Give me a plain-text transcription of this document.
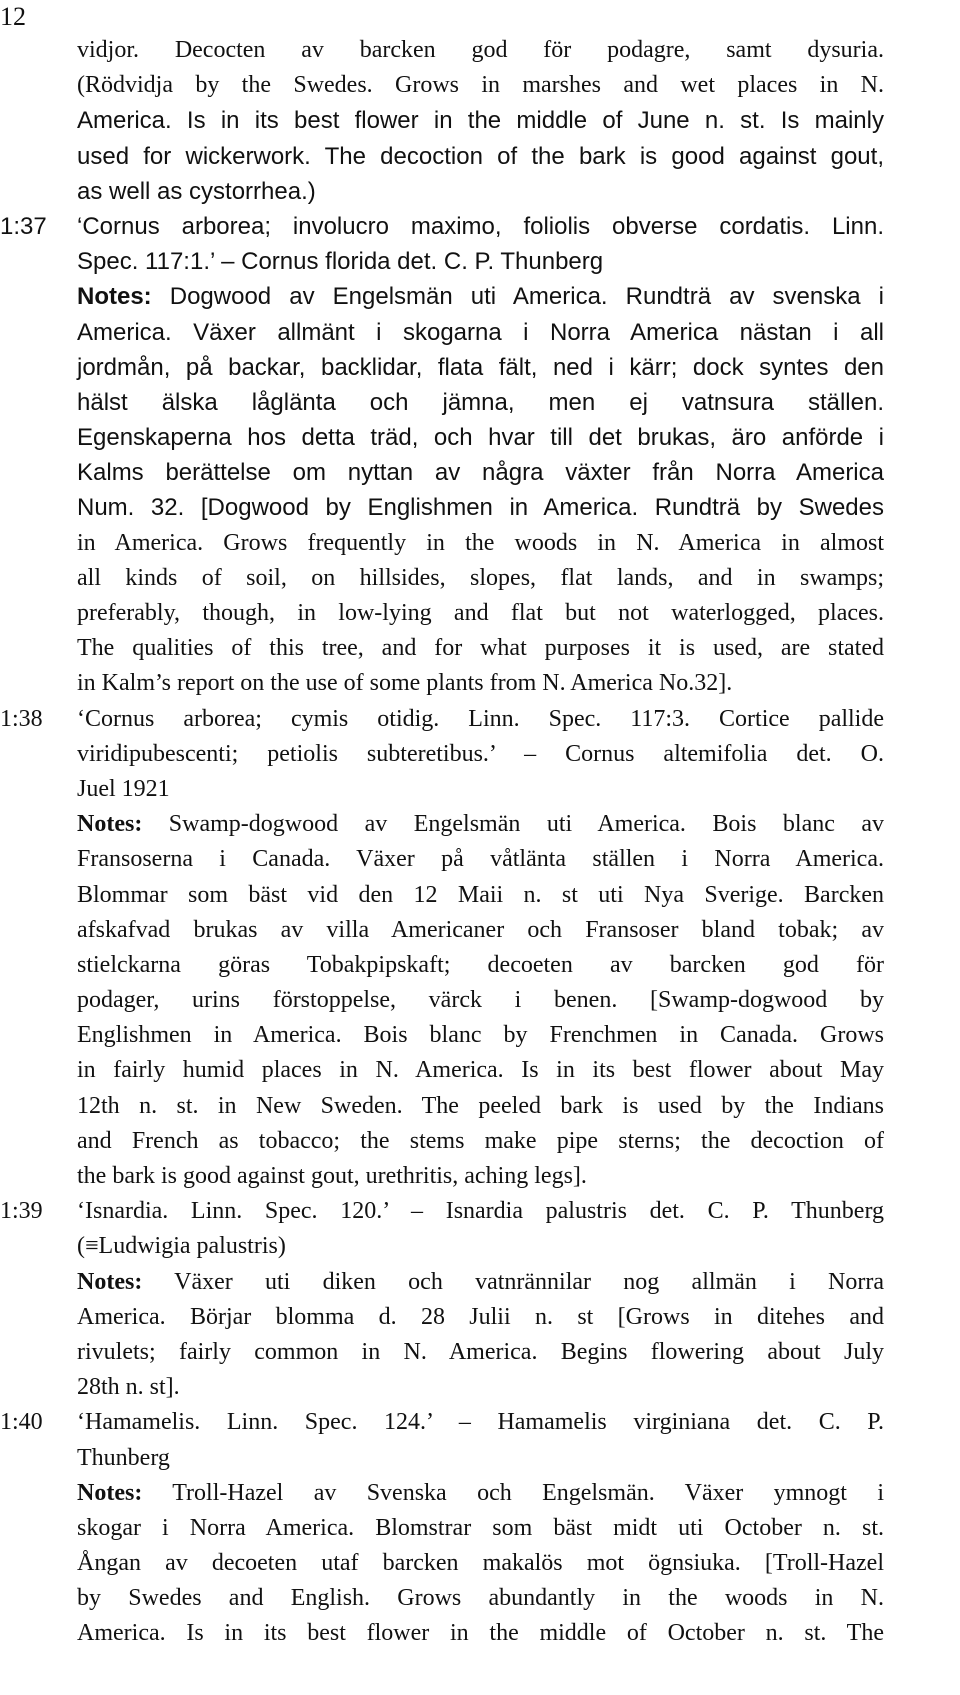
12
vidjor. Decocten av barcken god för podagre, samt dysuria.
(Rödvidja by the Swedes. Grows in marshes and wet places in N.
America. Is in its best flower in the middle of June n. st. Is mainly
used for wickerwork. The decoction of the bark is good against gout,
as well as cystorrhea.)
1:37 ‘Cornus arborea; involucro maximo, foliolis obverse cordatis. Linn.
Spec. 117:1.’ – Cornus florida det. C. P. Thunberg
Notes: Dogwood av Engelsmän uti America. Rundträ av svenska i
America. Växer allmänt i skogarna i Norra America nästan i all
jordmån, på backar, backlidar, flata fält, ned i kärr; dock syntes den
hälst älska låglänta och jämna, men ej vatnsura ställen.
Egenskaperna hos detta träd, och hvar till det brukas, äro anförde i
Kalms berättelse om nyttan av några växter från Norra America
Num. 32. [Dogwood by Englishmen in America. Rundträ by Swedes
in America. Grows frequently in the woods in N. America in almost
all kinds of soil, on hillsides, slopes, flat lands, and in swamps;
preferably, though, in low-lying and flat but not waterlogged, places.
The qualities of this tree, and for what purposes it is used, are stated
in Kalm’s report on the use of some plants from N. America No.32].
1:38 ‘Cornus arborea; cymis otidig. Linn. Spec. 117:3. Cortice pallide
viridipubescenti; petiolis subteretibus.’ – Cornus altemifolia det. O.
Juel 1921
Notes: Swamp-dogwood av Engelsmän uti America. Bois blanc av
Fransoserna i Canada. Växer på våtlänta ställen i Norra America.
Blommar som bäst vid den 12 Maii n. st uti Nya Sverige. Barcken
afskafvad brukas av villa Americaner och Fransoser bland tobak; av
stielckarna göras Tobakpipskaft; decoeten av barcken god för
podager, urins förstoppelse, värck i benen. [Swamp-dogwood by
Englishmen in America. Bois blanc by Frenchmen in Canada. Grows
in fairly humid places in N. America. Is in its best flower about May
12th n. st. in New Sweden. The peeled bark is used by the Indians
and French as tobacco; the stems make pipe sterns; the decoction of
the bark is good against gout, urethritis, aching legs].
1:39 ‘Isnardia. Linn. Spec. 120.’ – Isnardia palustris det. C. P. Thunberg
(≡Ludwigia palustris)
Notes: Växer uti diken och vatnrännilar nog allmän i Norra
America. Börjar blomma d. 28 Julii n. st [Grows in ditehes and
rivulets; fairly common in N. America. Begins flowering about July
28th n. st].
1:40 ‘Hamamelis. Linn. Spec. 124.’ – Hamamelis virginiana det. C. P.
Thunberg
Notes: Troll-Hazel av Svenska och Engelsmän. Växer ymnogt i
skogar i Norra America. Blomstrar som bäst midt uti October n. st.
Ångan av decoeten utaf barcken makalös mot ögnsiuka. [Troll-Hazel
by Swedes and English. Grows abundantly in the woods in N.
America. Is in its best flower in the middle of October n. st. The
